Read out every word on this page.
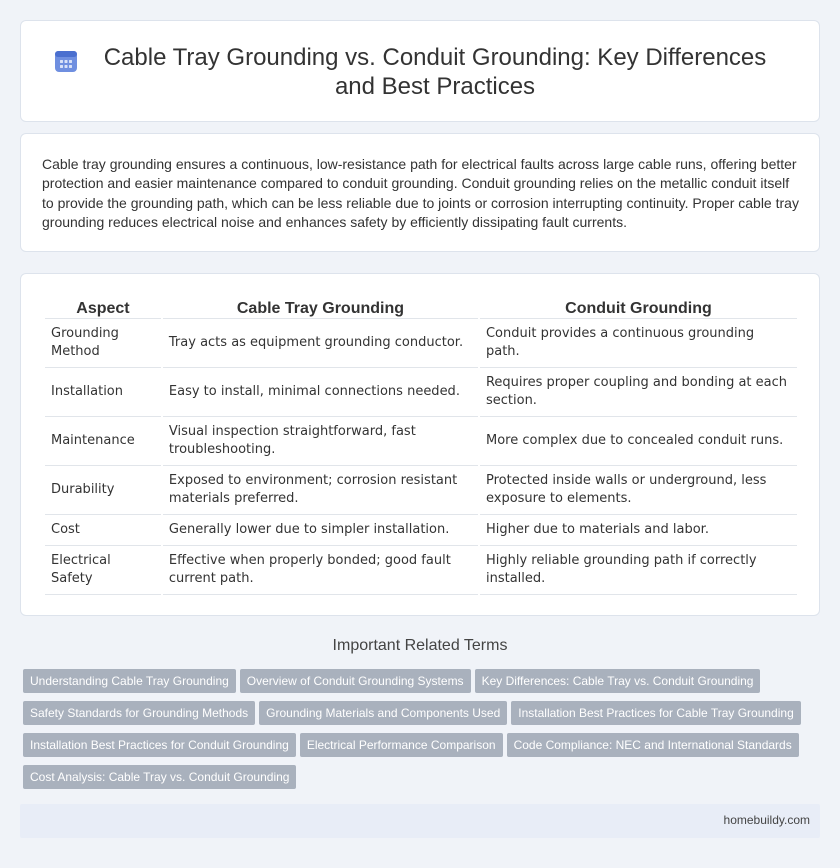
Cable Tray Grounding vs. Conduit Grounding: Key Differences and Best Practices

Cable tray grounding ensures a continuous, low-resistance path for electrical faults across large cable runs, offering better protection and easier maintenance compared to conduit grounding. Conduit grounding relies on the metallic conduit itself to provide the grounding path, which can be less reliable due to joints or corrosion interrupting continuity. Proper cable tray grounding reduces electrical noise and enhances safety by efficiently dissipating fault currents.

Aspect	Cable Tray Grounding	Conduit Grounding
Grounding Method	Tray acts as equipment grounding conductor.	Conduit provides a continuous grounding path.
Installation	Easy to install, minimal connections needed.	Requires proper coupling and bonding at each section.
Maintenance	Visual inspection straightforward, fast troubleshooting.	More complex due to concealed conduit runs.
Durability	Exposed to environment; corrosion resistant materials preferred.	Protected inside walls or underground, less exposure to elements.
Cost	Generally lower due to simpler installation.	Higher due to materials and labor.
Electrical Safety	Effective when properly bonded; good fault current path.	Highly reliable grounding path if correctly installed.
Important Related Terms
Understanding Cable Tray Grounding Overview of Conduit Grounding Systems Key Differences: Cable Tray vs. Conduit Grounding
Safety Standards for Grounding Methods Grounding Materials and Components Used Installation Best Practices for Cable Tray Grounding
Installation Best Practices for Conduit Grounding Electrical Performance Comparison Code Compliance: NEC and International Standards
Cost Analysis: Cable Tray vs. Conduit Grounding
homebuildy.com
